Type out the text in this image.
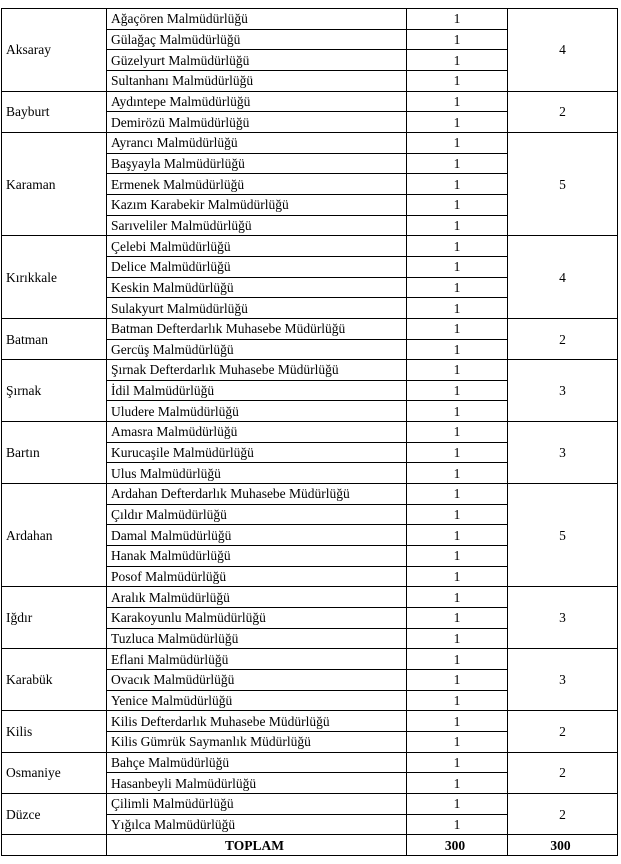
Aksaray	Ağaçören Malmüdürlüğü	1	4
	Gülağaç Malmüdürlüğü	1	
	Güzelyurt Malmüdürlüğü	1	
	Sultanhanı Malmüdürlüğü	1	
Bayburt	Aydıntepe Malmüdürlüğü	1	2
	Demirözü Malmüdürlüğü	1	
Karaman	Ayrancı Malmüdürlüğü	1	5
	Başyayla Malmüdürlüğü	1	
	Ermenek Malmüdürlüğü	1	
	Kazım Karabekir Malmüdürlüğü	1	
	Sarıveliler Malmüdürlüğü	1	
Kırıkkale	Çelebi Malmüdürlüğü	1	4
	Delice Malmüdürlüğü	1	
	Keskin Malmüdürlüğü	1	
	Sulakyurt Malmüdürlüğü	1	
Batman	Batman Defterdarlık Muhasebe Müdürlüğü	1	2
	Gercüş Malmüdürlüğü	1	
Şırnak	Şırnak Defterdarlık Muhasebe Müdürlüğü	1	3
	İdil Malmüdürlüğü	1	
	Uludere Malmüdürlüğü	1	
Bartın	Amasra Malmüdürlüğü	1	3
	Kurucaşile Malmüdürlüğü	1	
	Ulus Malmüdürlüğü	1	
Ardahan	Ardahan Defterdarlık Muhasebe Müdürlüğü	1	5
	Çıldır Malmüdürlüğü	1	
	Damal Malmüdürlüğü	1	
	Hanak Malmüdürlüğü	1	
	Posof Malmüdürlüğü	1	
Iğdır	Aralık Malmüdürlüğü	1	3
	Karakoyunlu Malmüdürlüğü	1	
	Tuzluca Malmüdürlüğü	1	
Karabük	Eflani Malmüdürlüğü	1	3
	Ovacık Malmüdürlüğü	1	
	Yenice Malmüdürlüğü	1	
Kilis	Kilis Defterdarlık Muhasebe Müdürlüğü	1	2
	Kilis Gümrük Saymanlık Müdürlüğü	1	
Osmaniye	Bahçe Malmüdürlüğü	1	2
	Hasanbeyli Malmüdürlüğü	1	
Düzce	Çilimli Malmüdürlüğü	1	2
	Yığılca Malmüdürlüğü	1	
	TOPLAM	300	300
